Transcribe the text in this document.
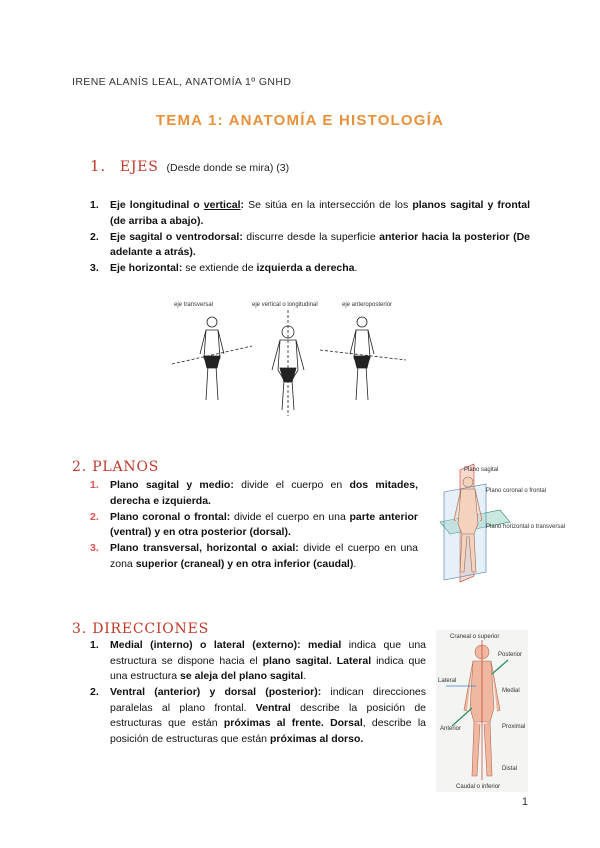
IRENE ALANÍS LEAL, ANATOMÍA 1º GNHD
TEMA 1: ANATOMÍA E HISTOLOGÍA
1. EJES (Desde donde se mira) (3)
1. Eje longitudinal o vertical: Se sitúa en la intersección de los planos sagital y frontal (de arriba a abajo).
2. Eje sagital o ventrodorsal: discurre desde la superficie anterior hacia la posterior (De adelante a atrás).
3. Eje horizontal: se extiende de izquierda a derecha.
eje transversal	eje vertical o longitudinal	eje anteroposterior
2. PLANOS
1. Plano sagital y medio: divide el cuerpo en dos mitades, derecha e izquierda.
2. Plano coronal o frontal: divide el cuerpo en una parte anterior (ventral) y en otra posterior (dorsal).
3. Plano transversal, horizontal o axial: divide el cuerpo en una zona superior (craneal) y en otra inferior (caudal).
Plano sagital
Plano coronal o frontal
Plano horizontal o transversal
3. DIRECCIONES
1. Medial (interno) o lateral (externo): medial indica que una estructura se dispone hacia el plano sagital. Lateral indica que una estructura se aleja del plano sagital.
2. Ventral (anterior) y dorsal (posterior): indican direcciones paralelas al plano frontal. Ventral describe la posición de estructuras que están próximas al frente. Dorsal, describe la posición de estructuras que están próximas al dorso.
Craneal o superior
Posterior
Lateral
Medial
Anterior	Proximal
Distal
Caudal o inferior
1
